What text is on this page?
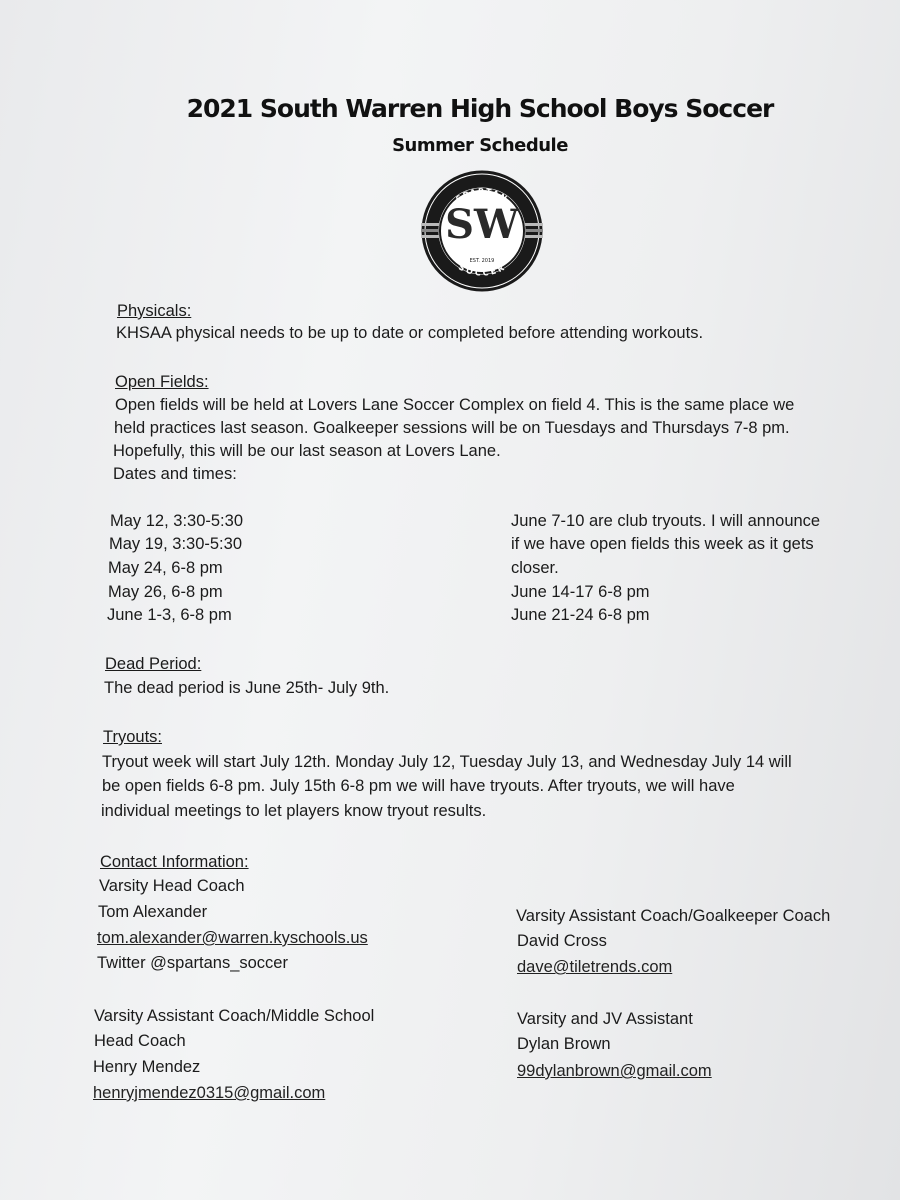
2021 South Warren High School Boys Soccer
Summer Schedule
SPARTAN
SOCCER
SW
EST. 2019
Physicals:
KHSAA physical needs to be up to date or completed before attending workouts.
Open Fields:
Open fields will be held at Lovers Lane Soccer Complex on field 4. This is the same place we
held practices last season. Goalkeeper sessions will be on Tuesdays and Thursdays 7-8 pm.
Hopefully, this will be our last season at Lovers Lane.
Dates and times:
May 12, 3:30-5:30
May 19, 3:30-5:30
May 24, 6-8 pm
May 26, 6-8 pm
June 1-3, 6-8 pm
June 7-10 are club tryouts. I will announce
if we have open fields this week as it gets
closer.
June 14-17 6-8 pm
June 21-24 6-8 pm
Dead Period:
The dead period is June 25th- July 9th.
Tryouts:
Tryout week will start July 12th. Monday July 12, Tuesday July 13, and Wednesday July 14 will
be open fields 6-8 pm. July 15th 6-8 pm we will have tryouts. After tryouts, we will have
individual meetings to let players know tryout results.
Contact Information:
Varsity Head Coach
Tom Alexander
tom.alexander@warren.kyschools.us
Twitter @spartans_soccer
Varsity Assistant Coach/Middle School
Head Coach
Henry Mendez
henryjmendez0315@gmail.com
Varsity Assistant Coach/Goalkeeper Coach
David Cross
dave@tiletrends.com
Varsity and JV Assistant
Dylan Brown
99dylanbrown@gmail.com
